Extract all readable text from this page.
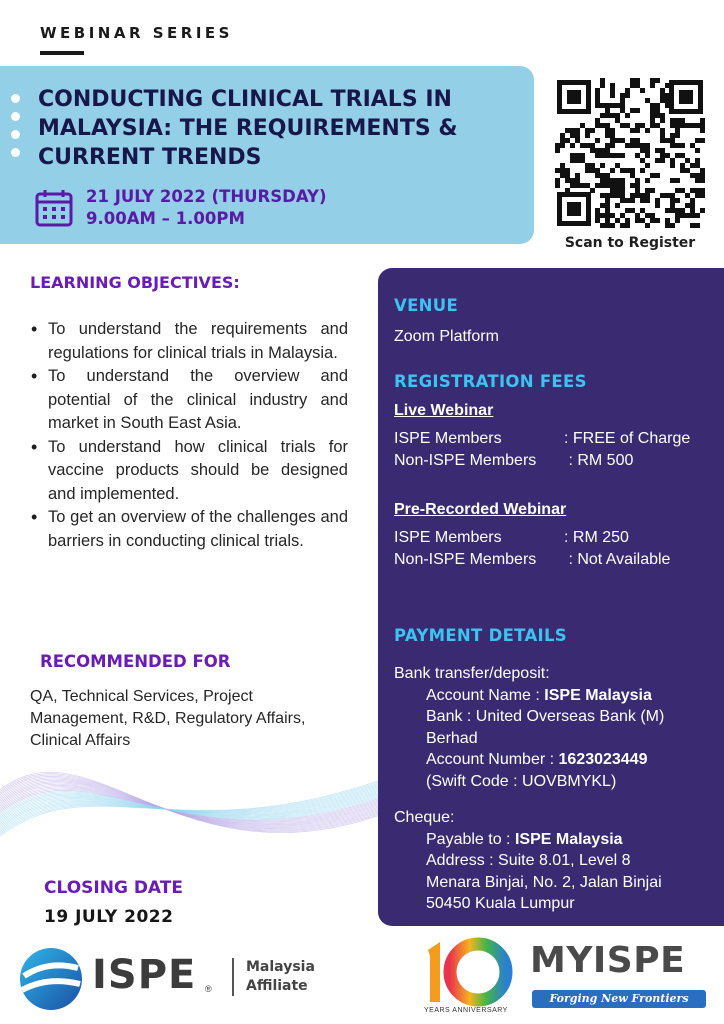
WEBINAR SERIES
CONDUCTING CLINICAL TRIALS IN MALAYSIA: THE REQUIREMENTS & CURRENT TRENDS
21 JULY 2022 (THURSDAY)
9.00AM – 1.00PM
Scan to Register
LEARNING OBJECTIVES:
• To understand the requirements and regulations for clinical trials in Malaysia.
• To understand the overview and potential of the clinical industry and market in South East Asia.
• To understand how clinical trials for vaccine products should be designed and implemented.
• To get an overview of the challenges and barriers in conducting clinical trials.
RECOMMENDED FOR
QA, Technical Services, Project Management, R&D, Regulatory Affairs, Clinical Affairs
CLOSING DATE
19 JULY 2022
VENUE
Zoom Platform
REGISTRATION FEES
Live Webinar
ISPE Members	: FREE of Charge
Non-ISPE Members : RM 500
Pre-Recorded Webinar
ISPE Members	: RM 250
Non-ISPE Members : Not Available
PAYMENT DETAILS
Bank transfer/deposit:
Account Name : ISPE Malaysia
Bank : United Overseas Bank (M)
Berhad
Account Number : 1623023449
(Swift Code : UOVBMYKL)
Cheque:
Payable to : ISPE Malaysia
Address : Suite 8.01, Level 8
Menara Binjai, No. 2, Jalan Binjai
50450 Kuala Lumpur
ISPE ®
Malaysia
Affiliate
YEARS ANNIVERSARY
MYISPE
Forging New Frontiers
